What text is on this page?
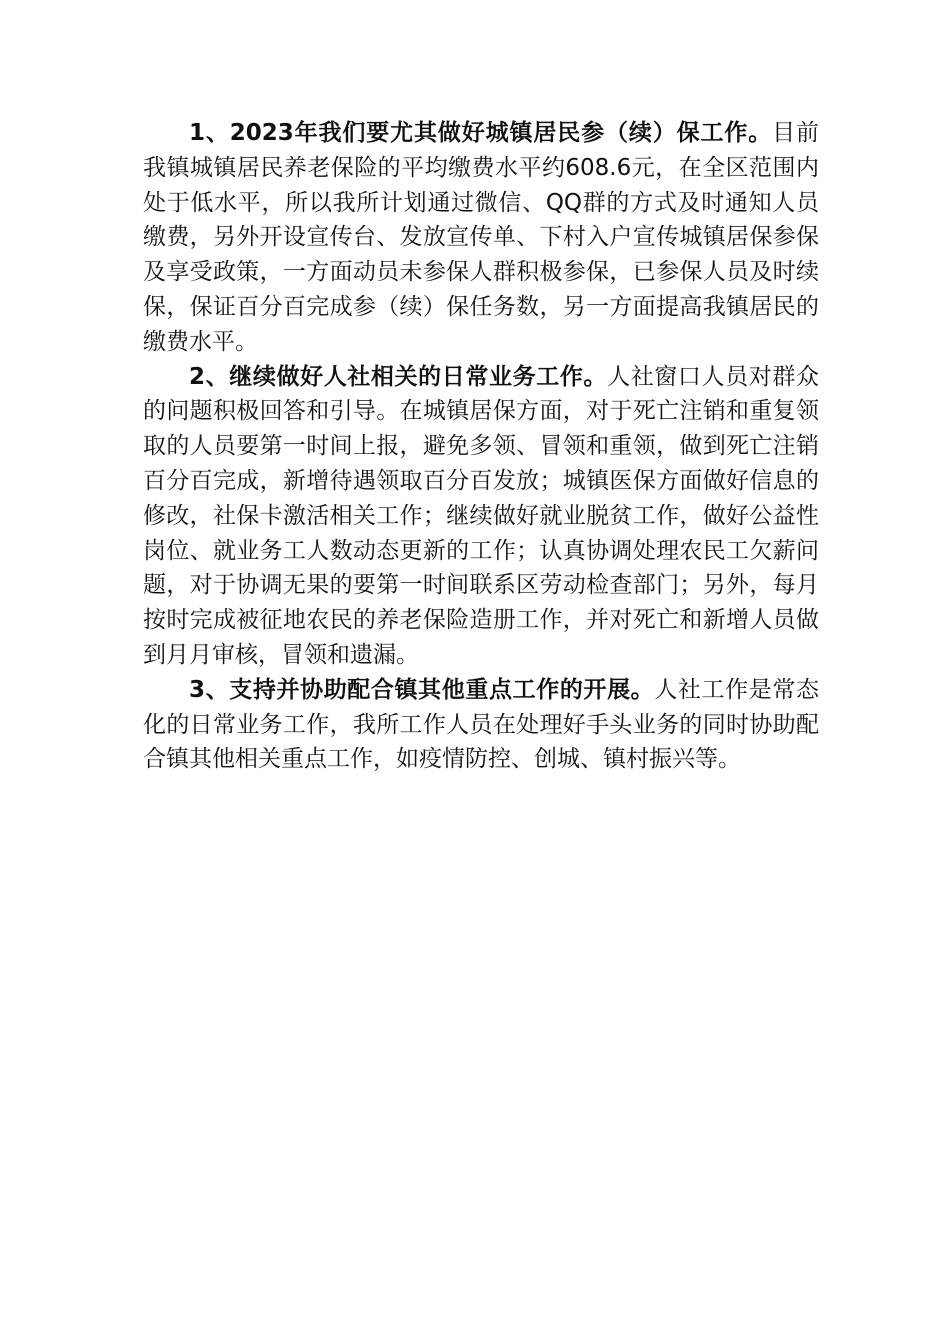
1、2023年我们要尤其做好城镇居民参（续）保工作。目前我镇城镇居民养老保险的平均缴费水平约608.6元，在全区范围内处于低水平，所以我所计划通过微信、QQ群的方式及时通知人员缴费，另外开设宣传台、发放宣传单、下村入户宣传城镇居保参保及享受政策，一方面动员未参保人群积极参保，已参保人员及时续保，保证百分百完成参（续）保任务数，另一方面提高我镇居民的缴费水平。

2、继续做好人社相关的日常业务工作。人社窗口人员对群众的问题积极回答和引导。在城镇居保方面，对于死亡注销和重复领取的人员要第一时间上报，避免多领、冒领和重领，做到死亡注销百分百完成，新增待遇领取百分百发放；城镇医保方面做好信息的修改，社保卡激活相关工作；继续做好就业脱贫工作，做好公益性岗位、就业务工人数动态更新的工作；认真协调处理农民工欠薪问题，对于协调无果的要第一时间联系区劳动检查部门；另外，每月按时完成被征地农民的养老保险造册工作，并对死亡和新增人员做到月月审核，冒领和遗漏。

3、支持并协助配合镇其他重点工作的开展。人社工作是常态化的日常业务工作，我所工作人员在处理好手头业务的同时协助配合镇其他相关重点工作，如疫情防控、创城、镇村振兴等。
